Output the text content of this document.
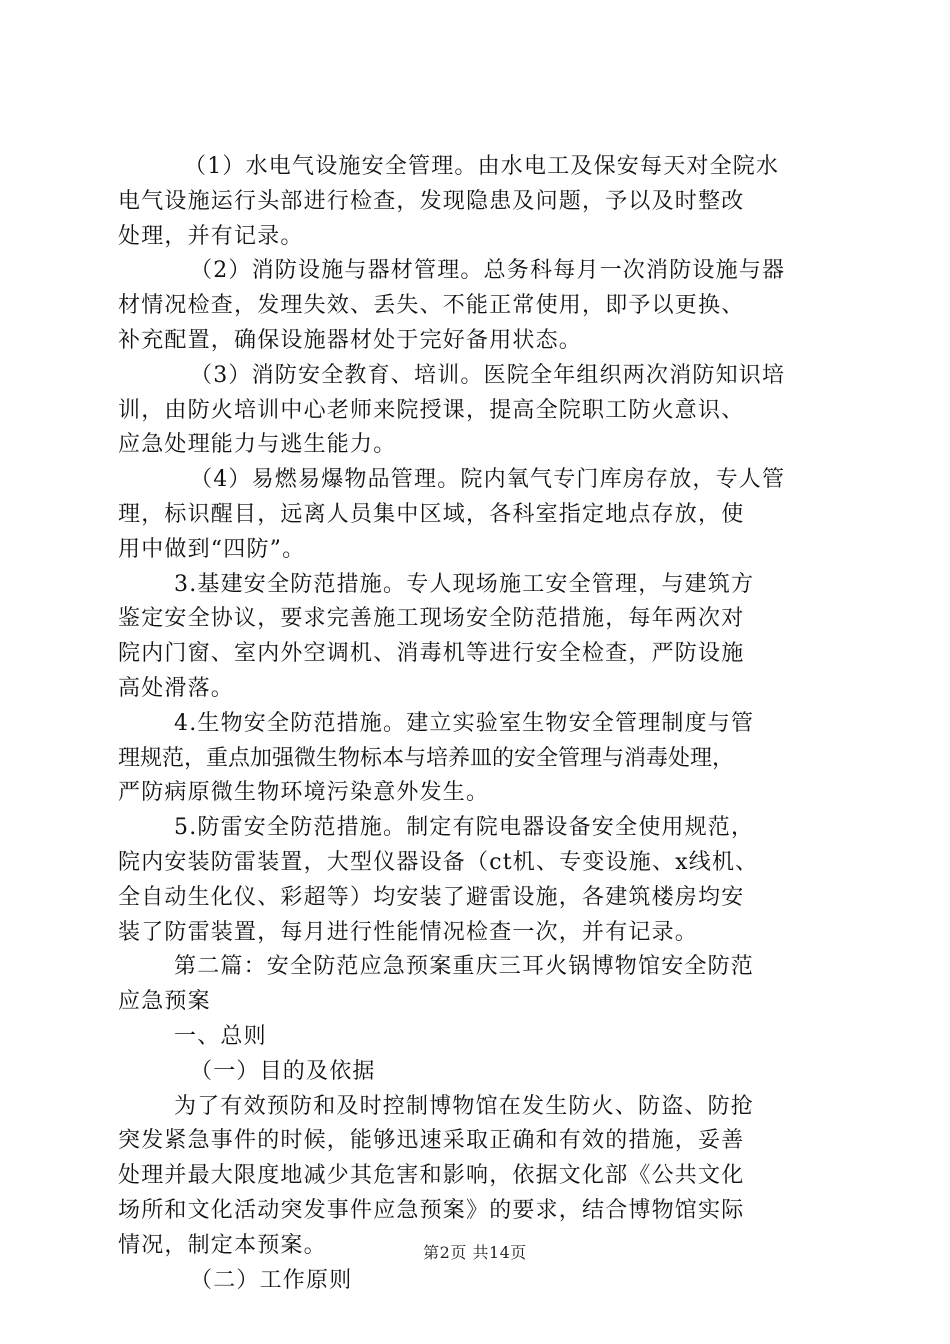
（1）水电气设施安全管理。由水电工及保安每天对全院水
电气设施运行头部进行检查，发现隐患及问题，予以及时整改
处理，并有记录。
（2）消防设施与器材管理。总务科每月一次消防设施与器
材情况检查，发理失效、丢失、不能正常使用，即予以更换、
补充配置，确保设施器材处于完好备用状态。
（3）消防安全教育、培训。医院全年组织两次消防知识培
训，由防火培训中心老师来院授课，提高全院职工防火意识、
应急处理能力与逃生能力。
（4）易燃易爆物品管理。院内氧气专门库房存放，专人管
理，标识醒目，远离人员集中区域，各科室指定地点存放，使
用中做到“四防”。
3.基建安全防范措施。专人现场施工安全管理，与建筑方
鉴定安全协议，要求完善施工现场安全防范措施，每年两次对
院内门窗、室内外空调机、消毒机等进行安全检查，严防设施
高处滑落。
4.生物安全防范措施。建立实验室生物安全管理制度与管
理规范，重点加强微生物标本与培养皿的安全管理与消毒处理，
严防病原微生物环境污染意外发生。
5.防雷安全防范措施。制定有院电器设备安全使用规范，
院内安装防雷装置，大型仪器设备（ct机、专变设施、x线机、
全自动生化仪、彩超等）均安装了避雷设施，各建筑楼房均安
装了防雷装置，每月进行性能情况检查一次，并有记录。
第二篇：安全防范应急预案重庆三耳火锅博物馆安全防范
应急预案
一、总则
（一）目的及依据
为了有效预防和及时控制博物馆在发生防火、防盗、防抢
突发紧急事件的时候，能够迅速采取正确和有效的措施，妥善
处理并最大限度地减少其危害和影响，依据文化部《公共文化
场所和文化活动突发事件应急预案》的要求，结合博物馆实际
情况，制定本预案。
（二）工作原则
第2页 共14页
